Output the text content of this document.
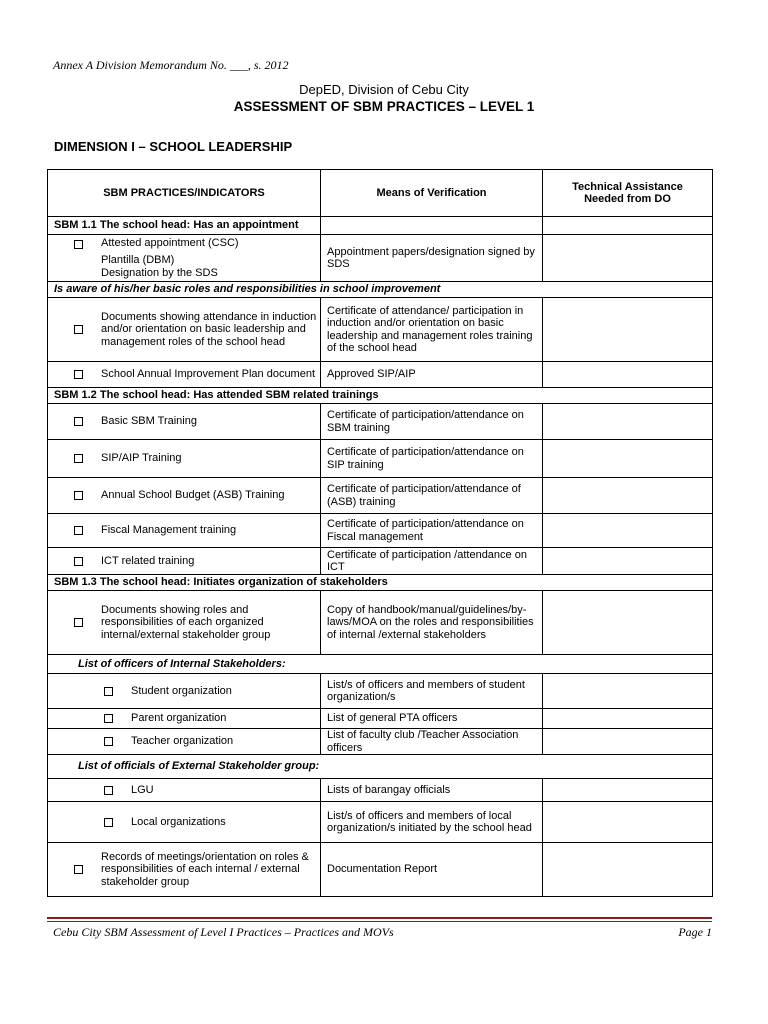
Annex A Division Memorandum No. ___, s. 2012
DepED, Division of Cebu City
ASSESSMENT OF SBM PRACTICES – LEVEL 1
DIMENSION I – SCHOOL LEADERSHIP
SBM PRACTICES/INDICATORS	Means of Verification	Technical Assistance
Needed from DO

SBM 1.1 The school head: Has an appointment		

Attested appointment (CSC)
Plantilla (DBM)
Designation by the SDS	Appointment papers/designation signed by SDS	
Is aware of his/her basic roles and responsibilities in school improvement		

Documents showing attendance in induction and/or orientation on basic leadership and management roles of the school head	Certificate of attendance/ participation in induction and/or orientation on basic leadership and management roles training of the school head	

School Annual Improvement Plan document	Approved SIP/AIP	
SBM 1.2 The school head: Has attended SBM related trainings		

Basic SBM Training	Certificate of participation/attendance on SBM training	

SIP/AIP Training	Certificate of participation/attendance on SIP training	

Annual School Budget (ASB) Training	Certificate of participation/attendance of (ASB) training	

Fiscal Management training	Certificate of participation/attendance on Fiscal management	

ICT related training	Certificate of participation /attendance on ICT	
SBM 1.3 The school head: Initiates organization of stakeholders		

Documents showing roles and responsibilities of each organized internal/external stakeholder group	Copy of handbook/manual/guidelines/by-laws/MOA on the roles and responsibilities of internal /external stakeholders	
List of officers of Internal Stakeholders:		

Student organization	List/s of officers and members of student organization/s	

Parent organization	List of general PTA officers	

Teacher organization	List of faculty club /Teacher Association officers	
List of officials of External Stakeholder group:		

LGU	Lists of barangay officials	

Local organizations	List/s of officers and members of local organization/s initiated by the school head	

Records of meetings/orientation on roles & responsibilities of each internal / external stakeholder group	Documentation Report	
Cebu City SBM Assessment of Level I Practices – Practices and MOVs	Page 1
